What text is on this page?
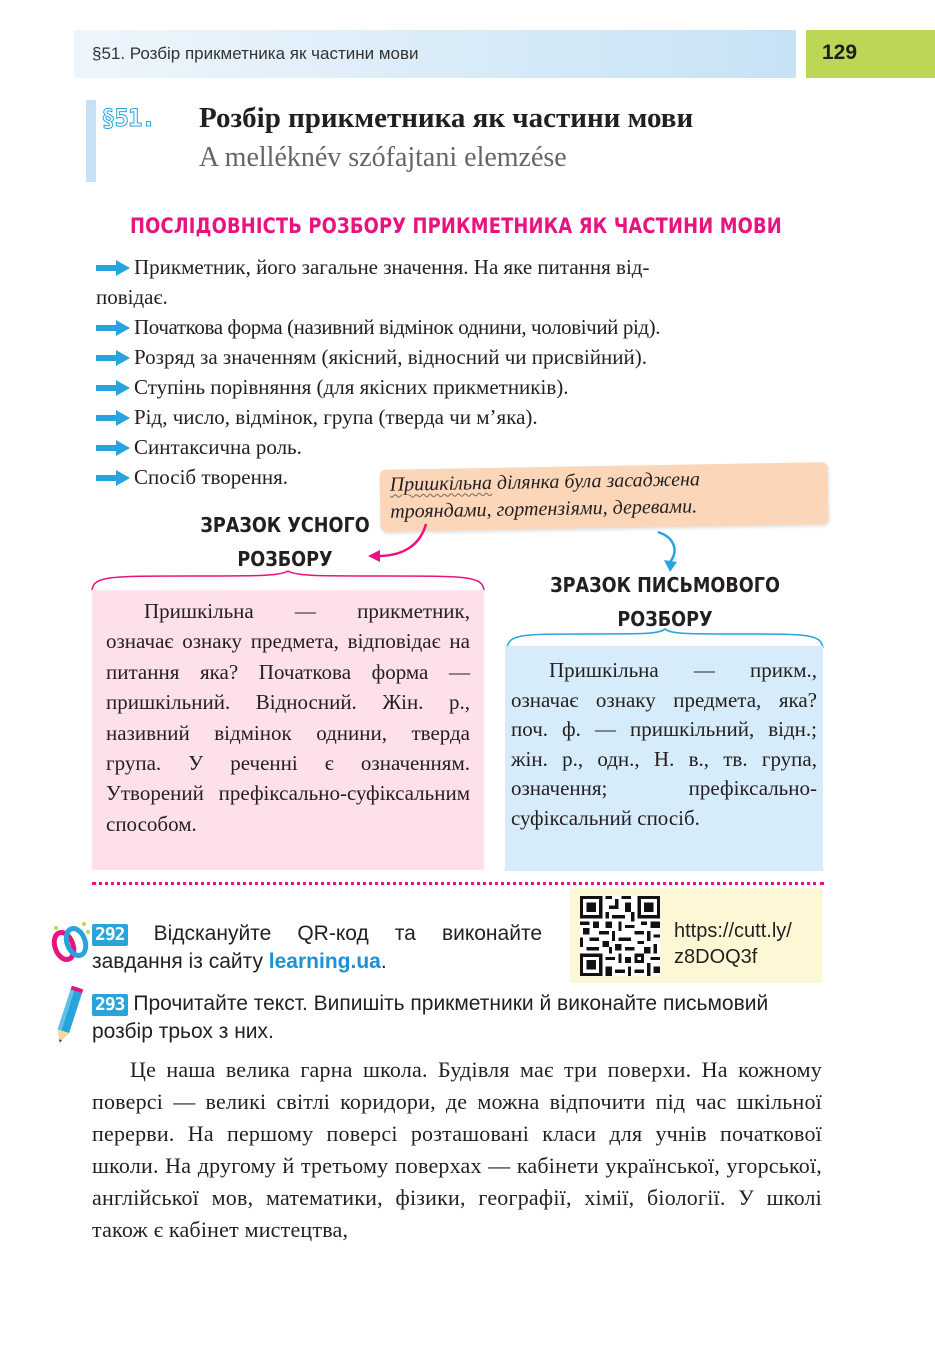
§51. Розбір прикметника як частини мови	129
§51. Розбір прикметника як частини мови
A melléknév szófajtani elemzése
ПОСЛІДОВНІСТЬ РОЗБОРУ ПРИКМЕТНИКА ЯК ЧАСТИНИ МОВИ
Прикметник, його загальне значення. На яке питання від-
повідає.
Початкова форма (називний відмінок однини, чоловічий рід).
Розряд за значенням (якісний, відносний чи присвійний).
Ступінь порівняння (для якісних прикметників).
Рід, число, відмінок, група (тверда чи м’яка).
Синтаксична роль.
Спосіб творення.	Пришкільна ділянка була засаджена
трояндами, гортензіями, деревами.
ЗРАЗОК УСНОГО
РОЗБОРУ

Пришкільна — прикметник, означає ознаку предмета, відповідає на питання яка? Початкова форма — пришкільний. Відносний. Жін. р., називний відмінок однини, тверда група. У реченні є означенням. Утворений префіксально-суфіксальним способом.

ЗРАЗОК ПИСЬМОВОГО
РОЗБОРУ

Пришкільна — прикм., означає ознаку предмета, яка? поч. ф. — пришкільний, відн.; жін. р., одн., Н. в., тв. група, означення; префіксально-суфіксальний спосіб.

292 Відскануйте QR-код та виконайте завдання із сайту learning.ua.
https://cutt.ly/
z8DOQ3f
293 Прочитайте текст. Випишіть прикметники й виконайте письмовий розбір трьох з них.

Це наша велика гарна школа. Будівля має три поверхи. На кожному поверсі — великі світлі коридори, де можна відпочити під час шкільної перерви. На першому поверсі розташовані класи для учнів початкової школи. На другому й третьому поверхах — кабінети української, угорської, англійської мов, математики, фізики, географії, хімії, біології. У школі також є кабінет мистецтва,
